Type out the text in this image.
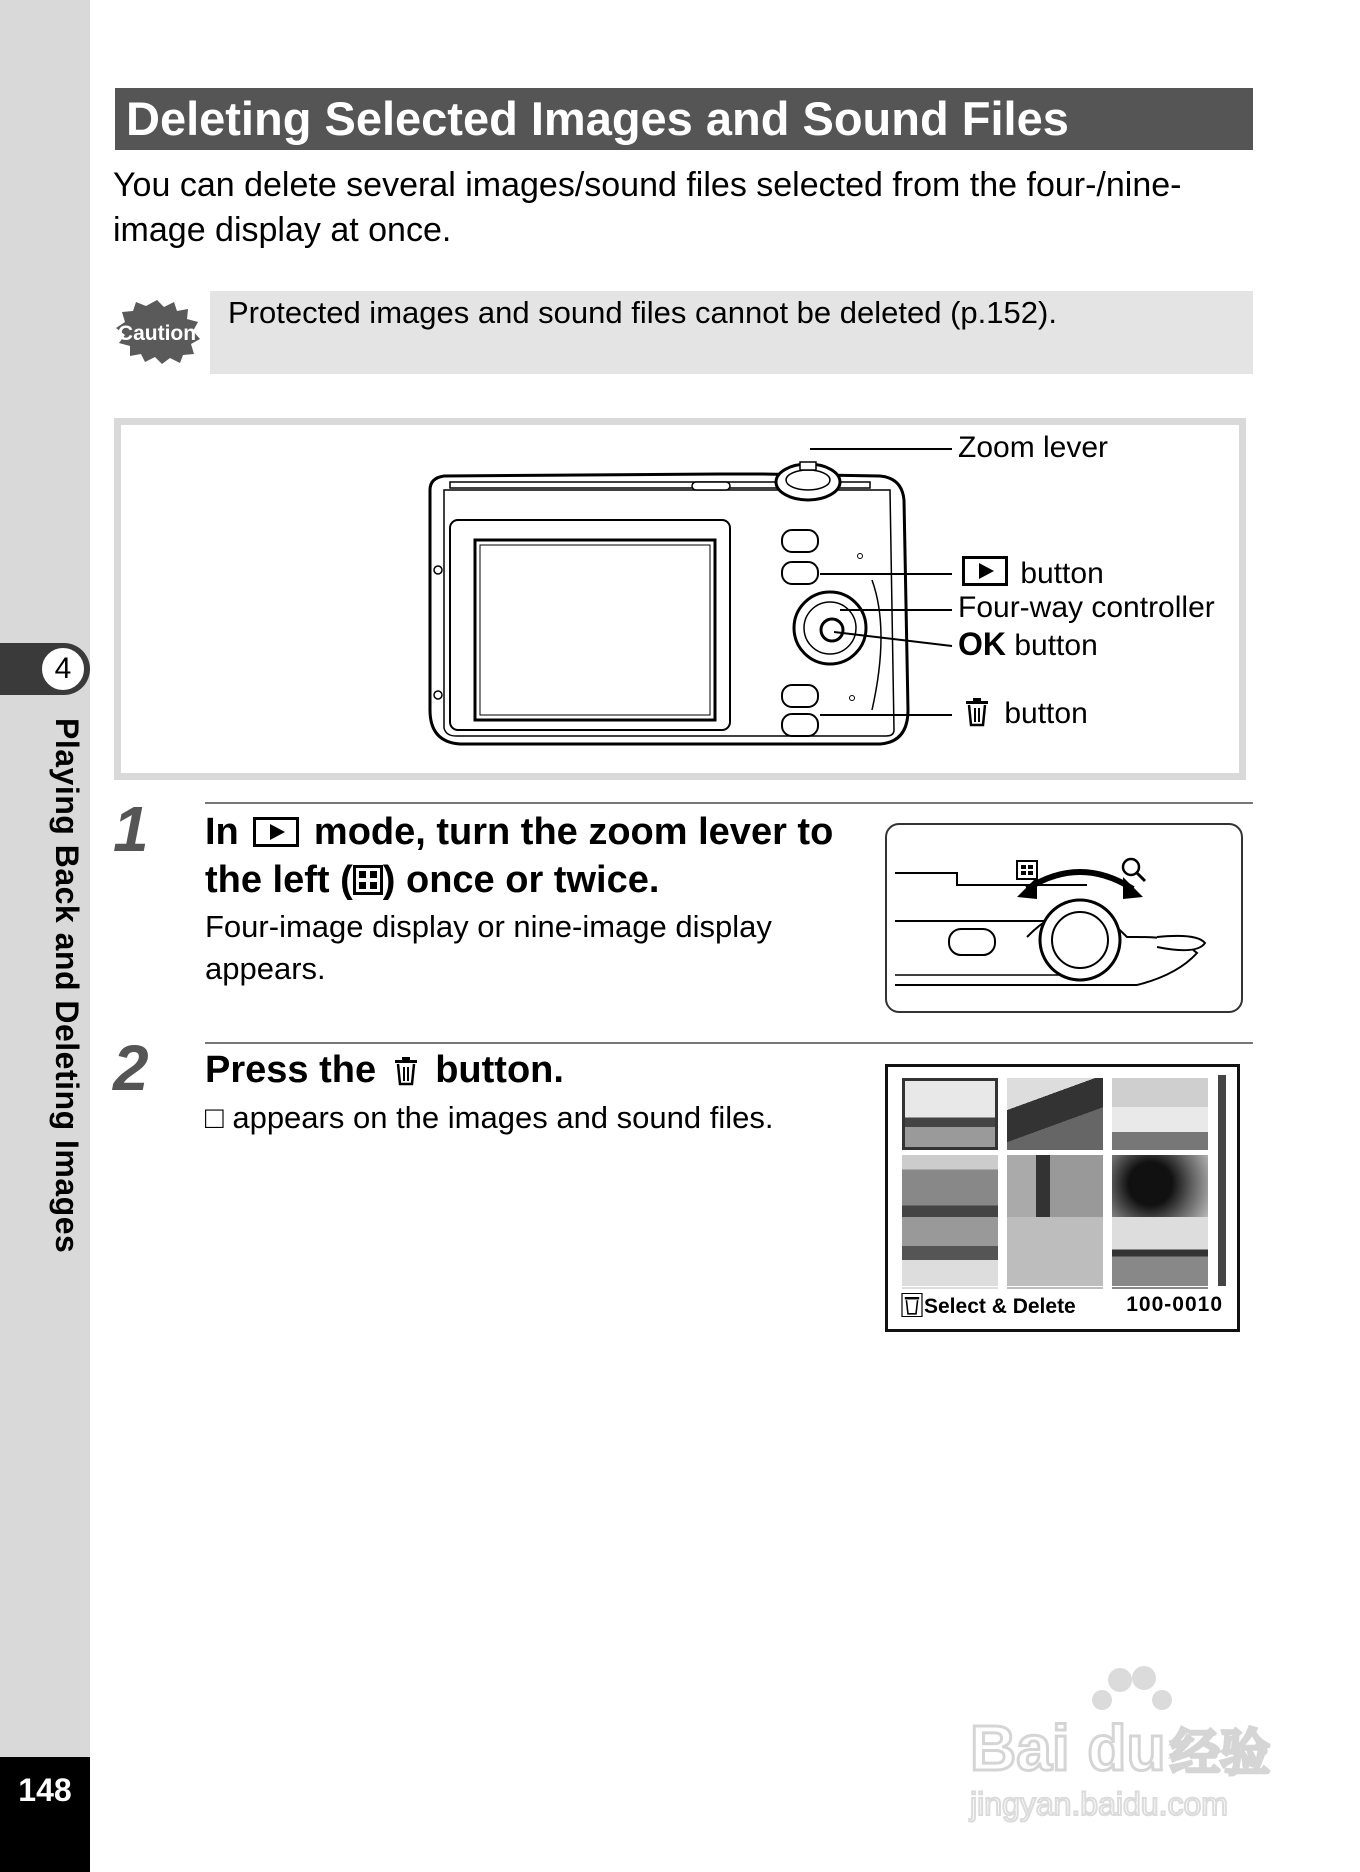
4
Playing Back and Deleting Images
148
Deleting Selected Images and Sound Files
You can delete several images/sound files selected from the four-/nine-image display at once.
Caution
Protected images and sound files cannot be deleted (p.152).
Zoom lever
button
Four-way controller
OK button
button
1 In mode, turn the zoom lever to
the left ( ) once or twice.
Four-image display or nine-image display appears.
2 Press the button.
□ appears on the images and sound files.
Select & Delete 100-0010
Bai du 经验
jingyan.baidu.com
